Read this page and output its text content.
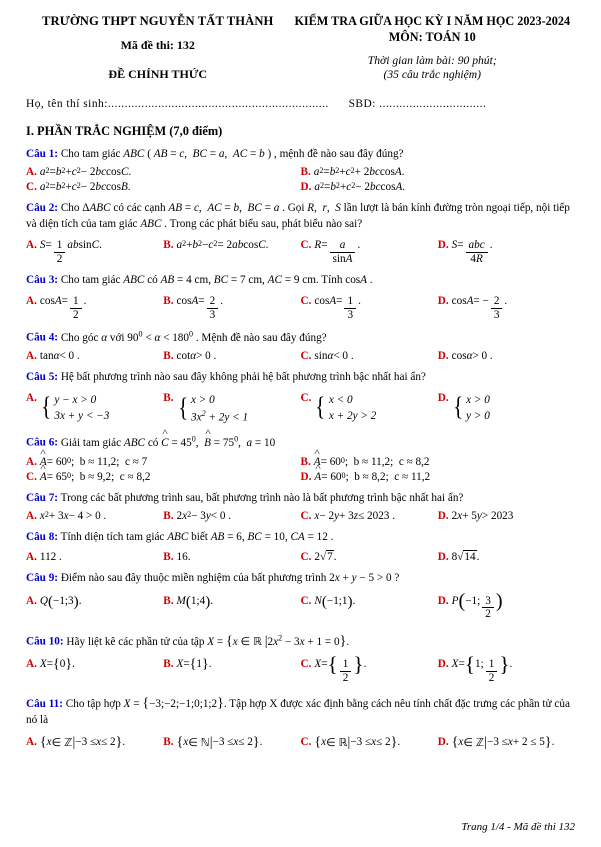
TRƯỜNG THPT NGUYỄN TẤT THÀNH
Mã đề thi: 132
ĐỀ CHÍNH THỨC
KIỂM TRA GIỮA HỌC KỲ I NĂM HỌC 2023-2024
MÔN: TOÁN 10
Thời gian làm bài: 90 phút;
(35 câu trắc nghiệm)
Họ, tên thí sinh:.................................................................. SBD: ................................
I. PHẦN TRẮC NGHIỆM (7,0 điểm)
Câu 1: Cho tam giác ABC ( AB = c,  BC = a,  AC = b ) , mệnh đề nào sau đây đúng?
A. a 2 = b 2 + c 2 − 2 bc cos C .	B. a 2 = b 2 + c 2 + 2 bc cos A .
C. a 2 = b 2 + c 2 − 2 bc cos B .	D. a 2 = b 2 + c 2 − 2 bc cos A .
Câu 2: Cho ΔABC có các cạnh AB = c,  AC = b,  BC = a . Gọi R,  r,  S lần lượt là bán kính đường tròn ngoại tiếp, nội tiếp và diện tích của tam giác ABC . Trong các phát biểu sau, phát biểu nào sai?
A. $S = \frac{1}{2}$ ab sin C .	B. a 2 + b 2 − c 2 = 2 ab cos C .	C. $R = \frac{a}{\sin A}$ .	D. $S = \frac{\text{abc}}{4R}$ .
Câu 3: Cho tam giác ABC có AB = 4 cm, BC = 7 cm, AC = 9 cm. Tính cosA .
A. $\cos A = \frac{1}{2}$ .	B. $\cos A = \frac{2}{3}$ .	C. $\cos A = \frac{1}{3}$ .	D. cos A = − $\frac{2}{3}$ .
Câu 4: Cho góc α với $90^0 < \alpha < 180^0$ . Mệnh đề nào sau đây đúng?
A. tan α < 0 .	B. cot α > 0 .	C. sin α < 0 .	D. cos α > 0 .
Câu 5: Hệ bất phương trình nào sau đây không phải hệ bất phương trình bậc nhất hai ẩn?
A. { y − x > 0
3x + y < −3
B. { x > 0
$3x^2 + 2y < 1$
C. { x < 0
x + 2y > 2
D. { x > 0
y > 0
Câu 6: Giải tam giác ABC có C ^ = $45^0$,  B ^ = $75^0$,  a = 10
A. A ^ = 60 0 ;  b ≈ 11,2;  c ≈ 7	B. A ^ = 60 0 ;  b ≈ 11,2;  c ≈ 8,2
C. A ^ = 65 0 ;  b ≈ 9,2;  c ≈ 8,2	D. A ^ = 60 0 ;  b ≈ 8,2;  c ≈ 11,2
Câu 7: Trong các bất phương trình sau, bất phương trình nào là bất phương trình bậc nhất hai ẩn?
A. x 2 + 3 x − 4 > 0 .	B. 2 x 2 − 3 y < 0 .	C. x − 2 y + 3 z ≤ 2023 .	D. 2 x + 5 y > 2023
Câu 8: Tính diện tích tam giác ABC biết AB = 6, BC = 10, CA = 12 .
A. 112 .	B. 16.	C. 2 √7 .	D. 8 √14 .
Câu 9: Điểm nào sau đây thuộc miền nghiệm của bất phương trình 2x + y − 5 > 0 ?
A. Q ( −1;3 ) .	B. M ( 1;4 ) .	C. N ( −1;1 ) .	D. P ( −1; $\frac{3}{2}$ )
Câu 10: Hãy liệt kê các phần tử của tập X = {x ∈ ℝ $|2x^2 - 3x + 1 = 0$}.
A. X = { 0 } .	B. X = { 1 } .	C. X = { $\frac{1}{2}$ } .	D. X = { 1; $\frac{1}{2}$ } .
Câu 11: Cho tập hợp X = {−3;−2;−1;0;1;2}. Tập hợp X được xác định bằng cách nêu tính chất đặc trưng các phần tử của nó là
A. { x ∈ ℤ | −3 ≤ x ≤ 2 } .	B. { x ∈ ℕ | −3 ≤ x ≤ 2 } .	C. { x ∈ ℝ | −3 ≤ x ≤ 2 } .	D. { x ∈ ℤ | −3 ≤ x + 2 ≤ 5 } .
Trang 1/4 - Mã đề thi 132
